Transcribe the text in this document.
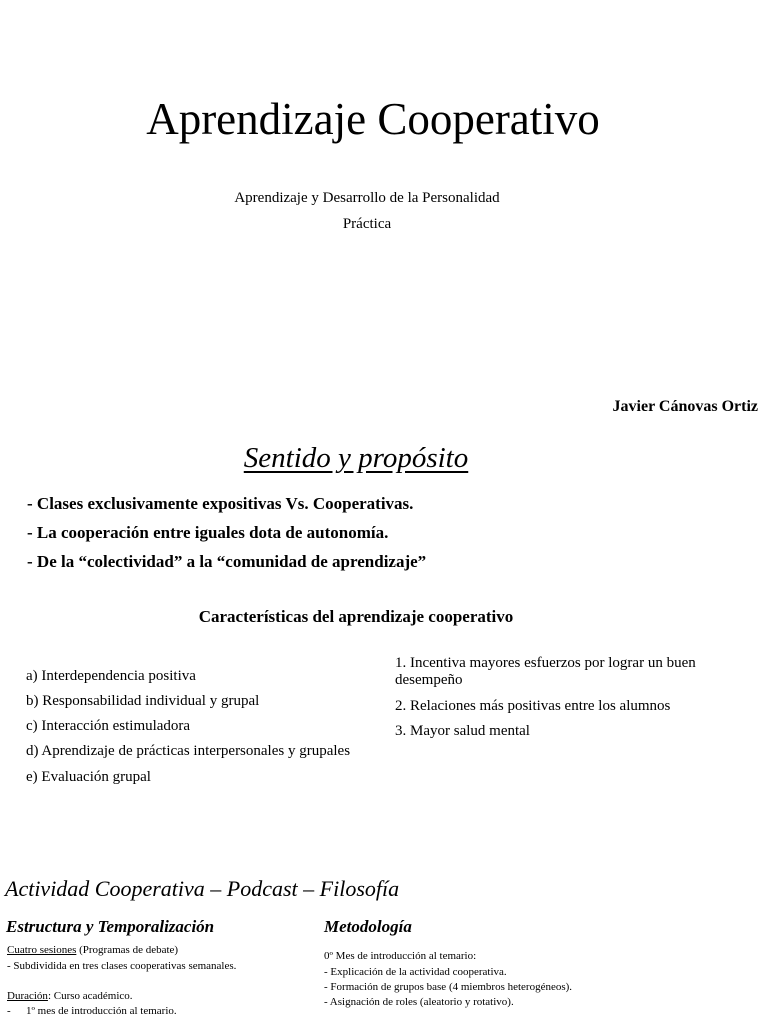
Aprendizaje Cooperativo
Aprendizaje y Desarrollo de la Personalidad
Práctica
Javier Cánovas Ortiz
Sentido y propósito
- Clases exclusivamente expositivas Vs. Cooperativas.
- La cooperación entre iguales dota de autonomía.
- De la “colectividad” a la “comunidad de aprendizaje”
Características del aprendizaje cooperativo
a) Interdependencia positiva
b) Responsabilidad individual y grupal
c) Interacción estimuladora
d) Aprendizaje de prácticas interpersonales y grupales
e) Evaluación grupal
1. Incentiva mayores esfuerzos por lograr un buen desempeño
2. Relaciones más positivas entre los alumnos
3. Mayor salud mental
Actividad Cooperativa – Podcast – Filosofía
Estructura y Temporalización
Cuatro sesiones (Programas de debate)
- Subdividida en tres clases cooperativas semanales.
Duración: Curso académico.
- 1º mes de introducción al temario.
Metodología
0º Mes de introducción al temario:
- Explicación de la actividad cooperativa.
- Formación de grupos base (4 miembros heterogéneos).
- Asignación de roles (aleatorio y rotativo).
